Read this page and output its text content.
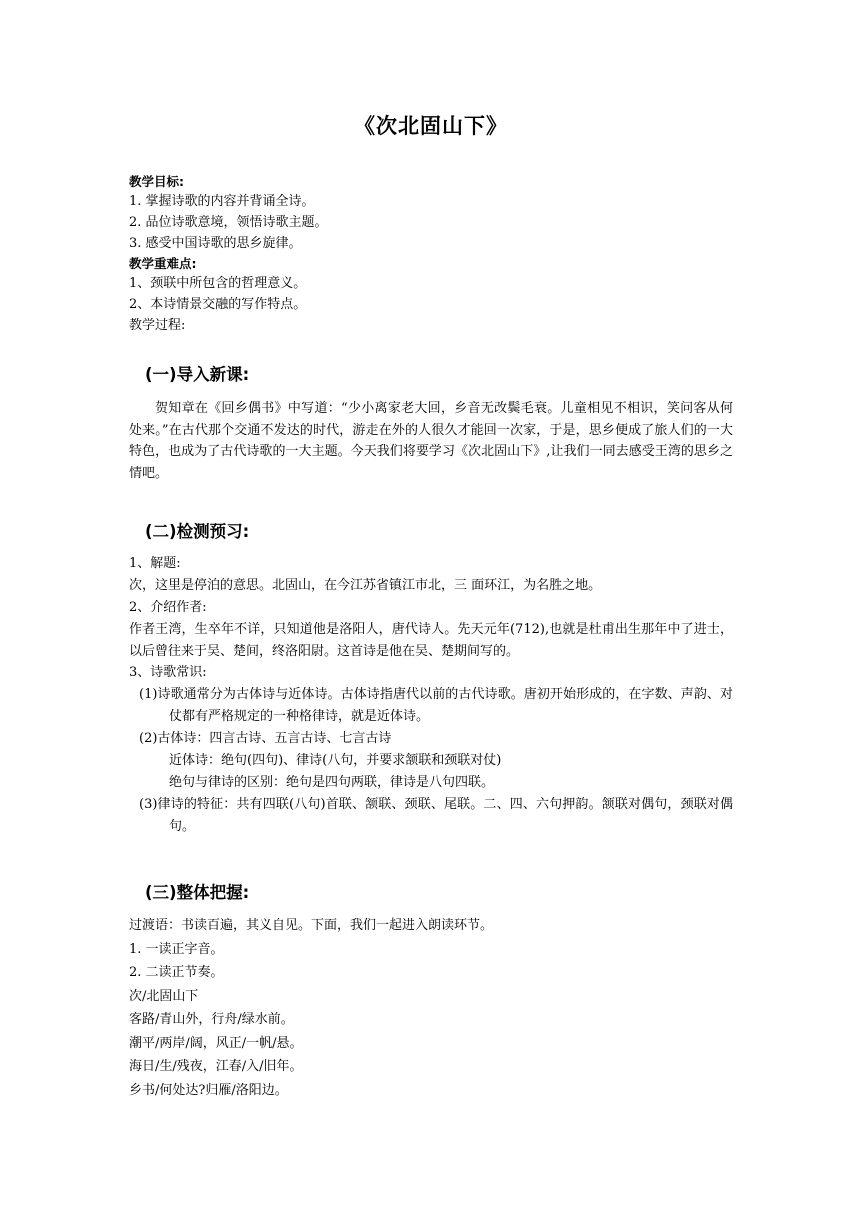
《次北固山下》
教学目标:
1. 掌握诗歌的内容并背诵全诗。
2. 品位诗歌意境，领悟诗歌主题。
3. 感受中国诗歌的思乡旋律。
教学重难点:
1、颈联中所包含的哲理意义。
2、本诗情景交融的写作特点。
教学过程:
(一)导入新课:
贺知章在《回乡偶书》中写道：“少小离家老大回，乡音无改鬓毛衰。儿童相见不相识，笑问客从何处来。”在古代那个交通不发达的时代，游走在外的人很久才能回一次家，于是，思乡便成了旅人们的一大特色，也成为了古代诗歌的一大主题。今天我们将要学习《次北固山下》,让我们一同去感受王湾的思乡之情吧。
(二)检测预习:
1、解题:
次，这里是停泊的意思。北固山，在今江苏省镇江市北，三 面环江，为名胜之地。
2、介绍作者:
作者王湾，生卒年不详，只知道他是洛阳人，唐代诗人。先天元年(712),也就是杜甫出生那年中了进士，以后曾往来于吴、楚间，终洛阳尉。这首诗是他在吴、楚期间写的。
3、诗歌常识:
(1)诗歌通常分为古体诗与近体诗。古体诗指唐代以前的古代诗歌。唐初开始形成的，在字数、声韵、对仗都有严格规定的一种格律诗，就是近体诗。
(2)古体诗：四言古诗、五言古诗、七言古诗
近体诗：绝句(四句)、律诗(八句，并要求颔联和颈联对仗)
绝句与律诗的区别：绝句是四句两联，律诗是八句四联。
(3)律诗的特征：共有四联(八句)首联、颔联、颈联、尾联。二、四、六句押韵。颔联对偶句，颈联对偶句。
(三)整体把握:
过渡语：书读百遍，其义自见。下面，我们一起进入朗读环节。
1. 一读正字音。
2. 二读正节奏。
次/北固山下
客路/青山外，行舟/绿水前。
潮平/两岸/阔，风正/一帆/悬。
海日/生/残夜，江春/入/旧年。
乡书/何处达?归雁/洛阳边。
